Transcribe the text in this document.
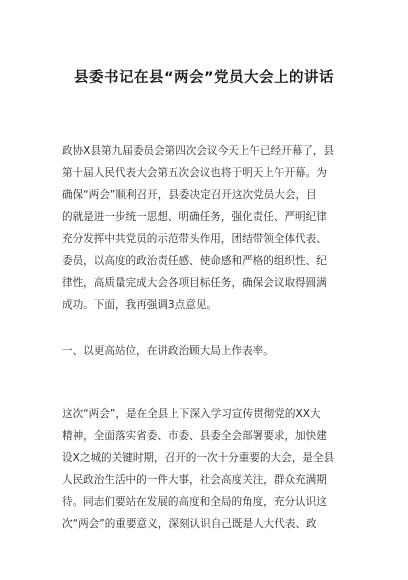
县委书记在县“两会”党员大会上的讲话
政协X县第九届委员会第四次会议今天上午已经开幕了，县
第十届人民代表大会第五次会议也将于明天上午开幕。为
确保“两会”顺利召开，县委决定召开这次党员大会，目
的就是进一步统一思想、明确任务，强化责任、严明纪律
充分发挥中共党员的示范带头作用，团结带领全体代表、
委员，以高度的政治责任感、使命感和严格的组织性、纪
律性，高质量完成大会各项目标任务，确保会议取得圆满
成功。下面，我再强调3点意见。
一、以更高站位，在讲政治顾大局上作表率。
这次“两会”，是在全县上下深入学习宣传贯彻党的XX大
精神，全面落实省委、市委、县委全会部署要求，加快建
设X之城的关键时期，召开的一次十分重要的大会，是全县
人民政治生活中的一件大事，社会高度关注，群众充满期
待。同志们要站在发展的高度和全局的角度，充分认识这
次“两会”的重要意义，深刻认识自己既是人大代表、政
